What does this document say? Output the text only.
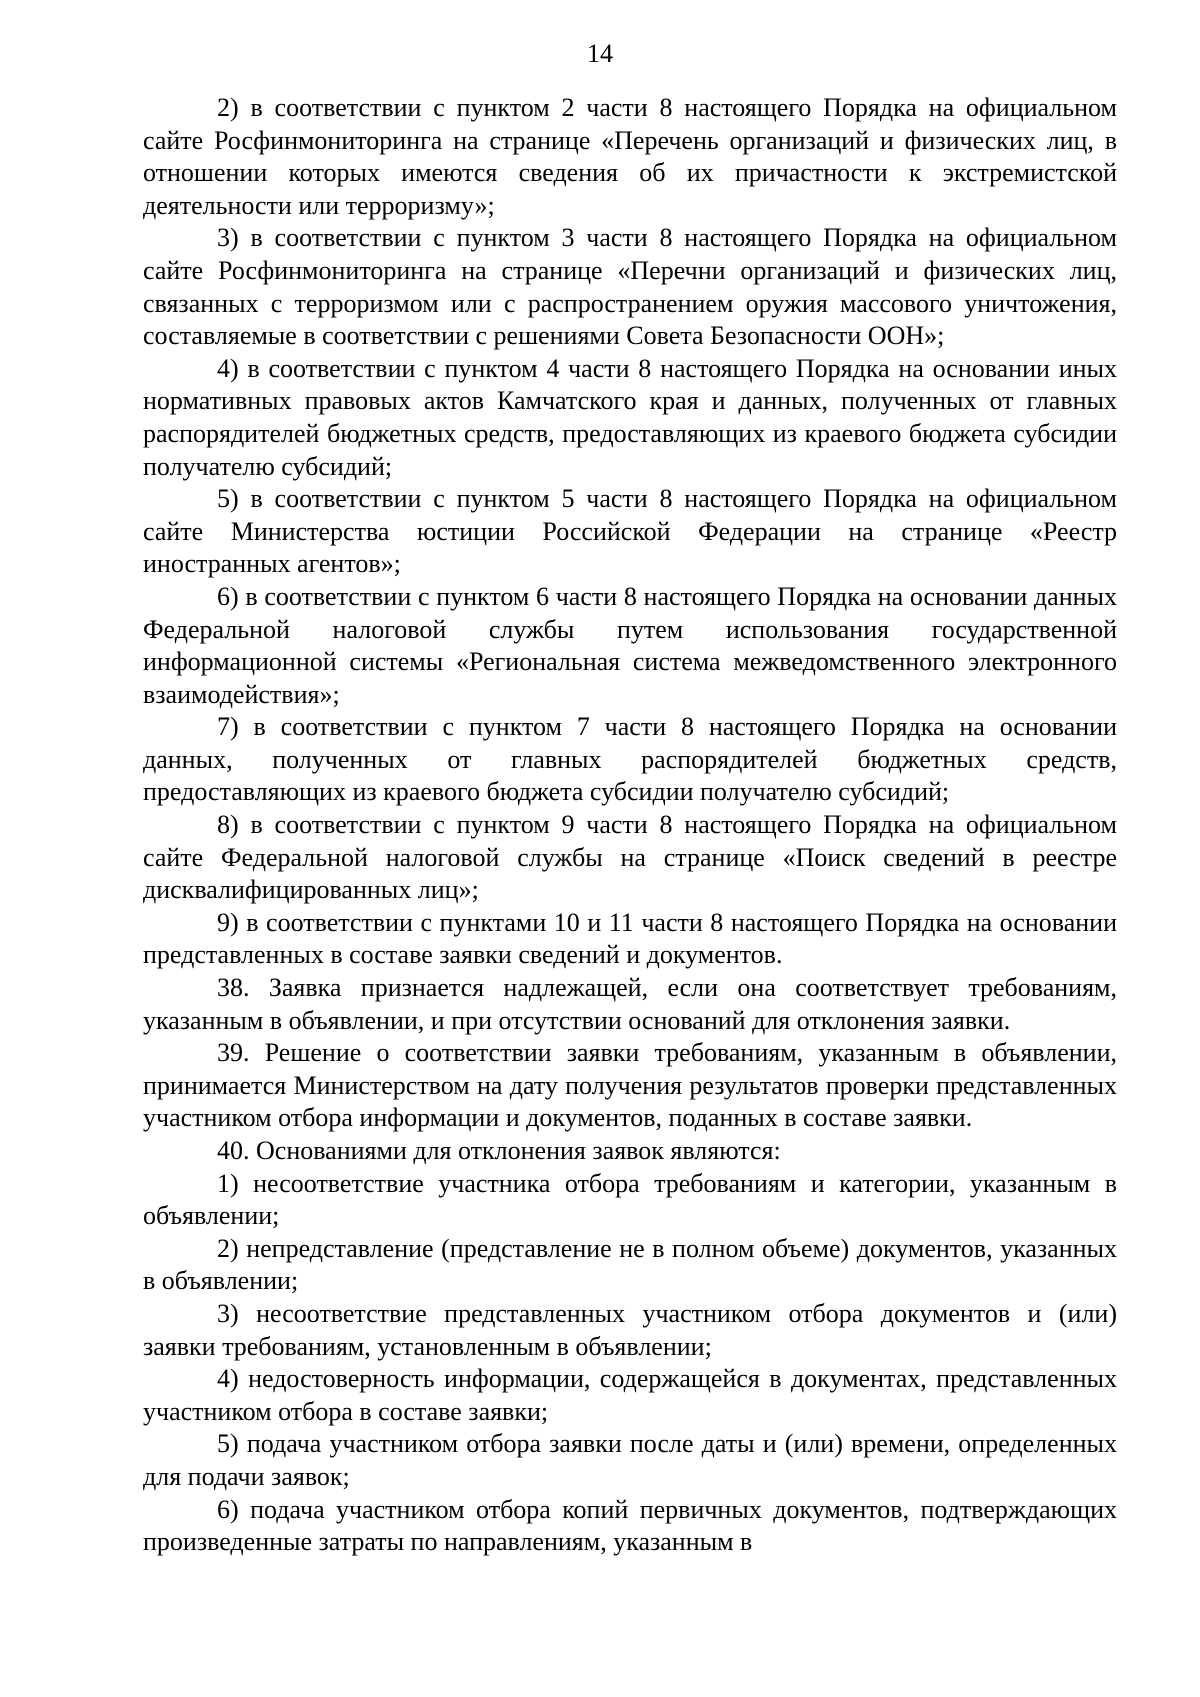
14

2) в соответствии с пунктом 2 части 8 настоящего Порядка на официальном сайте Росфинмониторинга на странице «Перечень организаций и физических лиц, в отношении которых имеются сведения об их причастности к экстремистской деятельности или терроризму»;

3) в соответствии с пунктом 3 части 8 настоящего Порядка на официальном сайте Росфинмониторинга на странице «Перечни организаций и физических лиц, связанных с терроризмом или с распространением оружия массового уничтожения, составляемые в соответствии с решениями Совета Безопасности ООН»;

4) в соответствии с пунктом 4 части 8 настоящего Порядка на основании иных нормативных правовых актов Камчатского края и данных, полученных от главных распорядителей бюджетных средств, предоставляющих из краевого бюджета субсидии получателю субсидий;

5) в соответствии с пунктом 5 части 8 настоящего Порядка на официальном сайте Министерства юстиции Российской Федерации на странице «Реестр иностранных агентов»;

6) в соответствии с пунктом 6 части 8 настоящего Порядка на основании данных Федеральной налоговой службы путем использования государственной информационной системы «Региональная система межведомственного электронного взаимодействия»;

7) в соответствии с пунктом 7 части 8 настоящего Порядка на основании данных, полученных от главных распорядителей бюджетных средств, предоставляющих из краевого бюджета субсидии получателю субсидий;

8) в соответствии с пунктом 9 части 8 настоящего Порядка на официальном сайте Федеральной налоговой службы на странице «Поиск сведений в реестре дисквалифицированных лиц»;

9) в соответствии с пунктами 10 и 11 части 8 настоящего Порядка на основании представленных в составе заявки сведений и документов.

38. Заявка признается надлежащей, если она соответствует требованиям, указанным в объявлении, и при отсутствии оснований для отклонения заявки.

39. Решение о соответствии заявки требованиям, указанным в объявлении, принимается Министерством на дату получения результатов проверки представленных участником отбора информации и документов, поданных в составе заявки.

40. Основаниями для отклонения заявок являются:

1) несоответствие участника отбора требованиям и категории, указанным в объявлении;

2) непредставление (представление не в полном объеме) документов, указанных в объявлении;

3) несоответствие представленных участником отбора документов и (или) заявки требованиям, установленным в объявлении;

4) недостоверность информации, содержащейся в документах, представленных участником отбора в составе заявки;

5) подача участником отбора заявки после даты и (или) времени, определенных для подачи заявок;

6) подача участником отбора копий первичных документов, подтверждающих произведенные затраты по направлениям, указанным в
